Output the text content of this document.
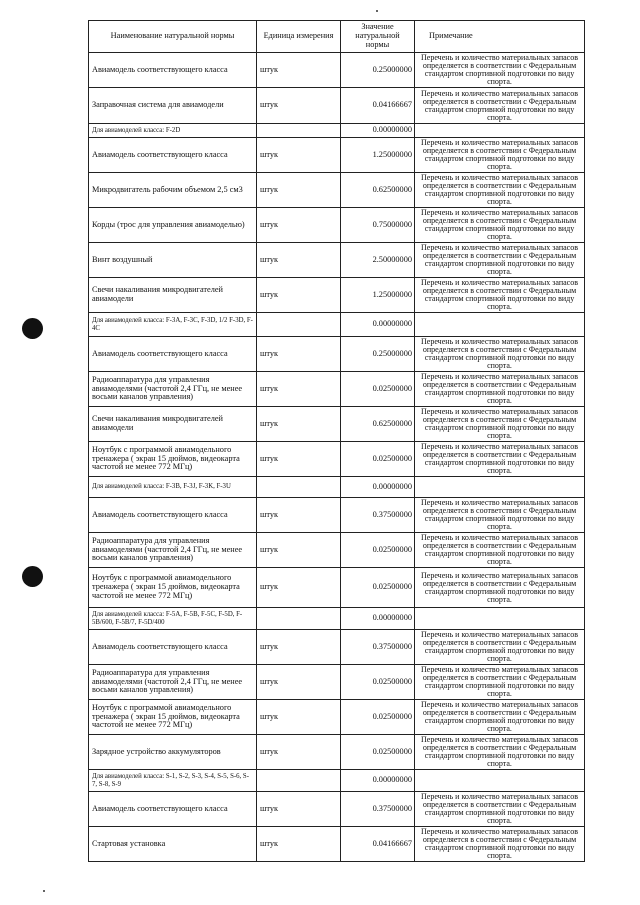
Наименование натуральной нормы	Единица измерения	Значение натуральной нормы	Примечание
Авиамодель соответствующего класса	штук	0.25000000	Перечень и количество материальных запасов определяется в соответствии с Федеральным стандартом спортивной подготовки по виду спорта.
Заправочная система для авиамодели	штук	0.04166667	Перечень и количество материальных запасов определяется в соответствии с Федеральным стандартом спортивной подготовки по виду спорта.
Для авиамоделей класса: F-2D		0.00000000	
Авиамодель соответствующего класса	штук	1.25000000	Перечень и количество материальных запасов определяется в соответствии с Федеральным стандартом спортивной подготовки по виду спорта.
Микродвигатель рабочим объемом 2,5 см3	штук	0.62500000	Перечень и количество материальных запасов определяется в соответствии с Федеральным стандартом спортивной подготовки по виду спорта.
Корды (трос для управления авиамоделью)	штук	0.75000000	Перечень и количество материальных запасов определяется в соответствии с Федеральным стандартом спортивной подготовки по виду спорта.
Винт воздушный	штук	2.50000000	Перечень и количество материальных запасов определяется в соответствии с Федеральным стандартом спортивной подготовки по виду спорта.
Свечи накаливания микродвигателей авиамодели	штук	1.25000000	Перечень и количество материальных запасов определяется в соответствии с Федеральным стандартом спортивной подготовки по виду спорта.
Для авиамоделей класса: F-3A, F-3C, F-3D, 1/2 F-3D, F-4C		0.00000000	
Авиамодель соответствующего класса	штук	0.25000000	Перечень и количество материальных запасов определяется в соответствии с Федеральным стандартом спортивной подготовки по виду спорта.
Радиоаппаратура для управления авиамоделями (частотой 2,4 ГГц, не менее восьми каналов управления)	штук	0.02500000	Перечень и количество материальных запасов определяется в соответствии с Федеральным стандартом спортивной подготовки по виду спорта.
Свечи накаливания микродвигателей авиамодели	штук	0.62500000	Перечень и количество материальных запасов определяется в соответствии с Федеральным стандартом спортивной подготовки по виду спорта.
Ноутбук с программой авиамодельного тренажера ( экран 15 дюймов, видеокарта частотой не менее 772 МГц)	штук	0.02500000	Перечень и количество материальных запасов определяется в соответствии с Федеральным стандартом спортивной подготовки по виду спорта.
Для авиамоделей класса: F-3B, F-3J, F-3K, F-3U		0.00000000	
Авиамодель соответствующего класса	штук	0.37500000	Перечень и количество материальных запасов определяется в соответствии с Федеральным стандартом спортивной подготовки по виду спорта.
Радиоаппаратура для управления авиамоделями (частотой 2,4 ГГц, не менее восьми каналов управления)	штук	0.02500000	Перечень и количество материальных запасов определяется в соответствии с Федеральным стандартом спортивной подготовки по виду спорта.
Ноутбук с программой авиамодельного тренажера ( экран 15 дюймов, видеокарта частотой не менее 772 МГц)	штук	0.02500000	Перечень и количество материальных запасов определяется в соответствии с Федеральным стандартом спортивной подготовки по виду спорта.
Для авиамоделей класса: F-5A, F-5B, F-5C, F-5D, F-5B/600, F-5B/7, F-5D/400		0.00000000	
Авиамодель соответствующего класса	штук	0.37500000	Перечень и количество материальных запасов определяется в соответствии с Федеральным стандартом спортивной подготовки по виду спорта.
Радиоаппаратура для управления авиамоделями (частотой 2,4 ГГц, не менее восьми каналов управления)	штук	0.02500000	Перечень и количество материальных запасов определяется в соответствии с Федеральным стандартом спортивной подготовки по виду спорта.
Ноутбук с программой авиамодельного тренажера ( экран 15 дюймов, видеокарта частотой не менее 772 МГц)	штук	0.02500000	Перечень и количество материальных запасов определяется в соответствии с Федеральным стандартом спортивной подготовки по виду спорта.
Зарядное устройство аккумуляторов	штук	0.02500000	Перечень и количество материальных запасов определяется в соответствии с Федеральным стандартом спортивной подготовки по виду спорта.
Для авиамоделей класса: S-1, S-2, S-3, S-4, S-5, S-6, S-7, S-8, S-9		0.00000000	
Авиамодель соответствующего класса	штук	0.37500000	Перечень и количество материальных запасов определяется в соответствии с Федеральным стандартом спортивной подготовки по виду спорта.
Стартовая установка	штук	0.04166667	Перечень и количество материальных запасов определяется в соответствии с Федеральным стандартом спортивной подготовки по виду спорта.
